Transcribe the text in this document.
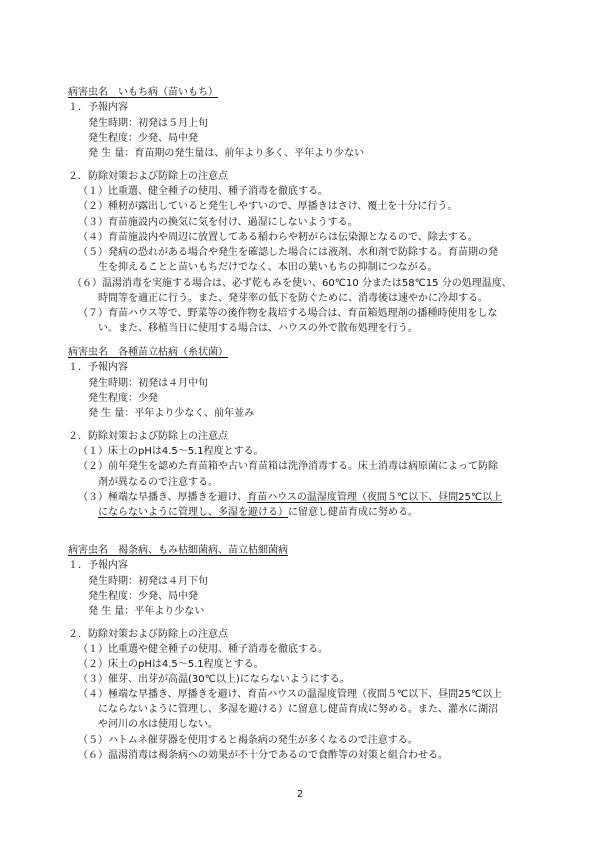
病害虫名　いもち病（苗いもち）
１．予報内容
発生時期：初発は５月上旬
発生程度：少発、局中発
発 生 量：育苗期の発生量は、前年より多く、平年より少ない
２．防除対策および防除上の注意点
（１）比重選、健全種子の使用、種子消毒を徹底する。
（２）種籾が露出していると発生しやすいので、厚播きはさけ、覆土を十分に行う。
（３）育苗施設内の換気に気を付け、過湿にしないようする。
（４）育苗施設内や周辺に放置してある稲わらや籾がらは伝染源となるので、除去する。
（５）発病の恐れがある場合や発生を確認した場合には液剤、水和剤で防除する。育苗期の発
　　生を抑えることと苗いもちだけでなく、本田の葉いもちの抑制につながる。
（６）温湯消毒を実施する場合は、必ず乾もみを使い、60℃10 分または58℃15 分の処理温度、
　　時間等を適正に行う。また、発芽率の低下を防ぐために、消毒後は速やかに冷却する。
（７）育苗ハウス等で、野菜等の後作物を栽培する場合は、育苗箱処理剤の播種時使用をしな
　　い。また、移植当日に使用する場合は、ハウスの外で散布処理を行う。
病害虫名　各種苗立枯病（糸状菌）
１．予報内容
発生時期：初発は４月中旬
発生程度：少発
発 生 量：平年より少なく、前年並み
２．防除対策および防除上の注意点
（１）床土のpHは4.5～5.1程度とする。
（２）前年発生を認めた育苗箱や古い育苗箱は洗浄消毒する。床土消毒は病原菌によって防除
　　剤が異なるので注意する。
（３）極端な早播き、厚播きを避け、育苗ハウスの温湿度管理（夜間５℃以下、昼間25℃以上
　　にならないように管理し、多湿を避ける）に留意し健苗育成に努める。
病害虫名　褐条病、もみ枯細菌病、苗立枯細菌病
１．予報内容
発生時期：初発は４月下旬
発生程度：少発、局中発
発 生 量：平年より少ない
２．防除対策および防除上の注意点
（１）比重選や健全種子の使用、種子消毒を徹底する。
（２）床土のpHは4.5～5.1程度とする。
（３）催芽、出芽が高温(30℃以上)にならないようにする。
（４）極端な早播き、厚播きを避け、育苗ハウスの温湿度管理（夜間５℃以下、昼間25℃以上
　　にならないように管理し、多湿を避ける）に留意し健苗育成に努める。また、灌水に湖沼
　　や河川の水は使用しない。
（５）ハトムネ催芽器を使用すると褐条病の発生が多くなるので注意する。
（６）温湯消毒は褐条病への効果が不十分であるので食酢等の対策と組合わせる。
2
